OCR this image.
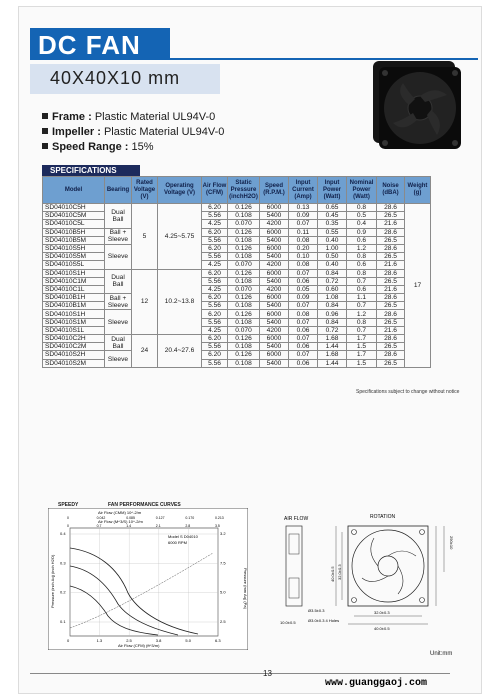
DC FAN
40X40X10 mm
Frame : Plastic Material UL94V-0
Impeller : Plastic Material UL94V-0
Speed Range : 15%
SPECIFICATIONS
Model	Bearing	Rated Voltage (V)	Operating Voltage (V)	Air Flow (CFM)	Static Pressure (inchH2O)	Speed (R.P.M.)	Input Current (Amp)	Input Power (Watt)	Nominal Power (Watt)	Noise (dBA)	Weight (g)
SD04010C5H	Dual Ball	5	4.25~5.75	6.20	0.126	6000	0.13	0.65	0.8	28.6	17
SD04010C5M				5.56	0.108	5400	0.09	0.45	0.5	26.5	
SD04010C5L				4.25	0.070	4200	0.07	0.35	0.4	21.6	
SD04010B5H	Ball + Sleeve			6.20	0.126	6000	0.11	0.55	0.9	28.6	
SD04010B5M				5.56	0.108	5400	0.08	0.40	0.6	26.5	
SD04010S5H	Sleeve			6.20	0.126	6000	0.20	1.00	1.2	28.6	
SD04010S5M				5.56	0.108	5400	0.10	0.50	0.8	26.5	
SD04010S5L				4.25	0.070	4200	0.08	0.40	0.6	21.6	
SD04010S1H	Dual Ball	12	10.2~13.8	6.20	0.126	6000	0.07	0.84	0.8	28.6	
SD04010C1M				5.56	0.108	5400	0.06	0.72	0.7	26.5	
SD04010C1L				4.25	0.070	4200	0.05	0.60	0.6	21.6	
SD04010B1H	Ball + Sleeve			6.20	0.126	6000	0.09	1.08	1.1	28.6	
SD04010B1M				5.56	0.108	5400	0.07	0.84	0.7	26.5	
SD04010S1H	Sleeve			6.20	0.126	6000	0.08	0.96	1.2	28.6	
SD04010S1M				5.56	0.108	5400	0.07	0.84	0.8	26.5	
SD04010S1L				4.25	0.070	4200	0.06	0.72	0.7	21.6	
SD04010C2H	Dual Ball	24	20.4~27.6	6.20	0.126	6000	0.07	1.68	1.7	28.6	
SD04010C2M				5.56	0.108	5400	0.06	1.44	1.5	26.5	
SD04010S2H	Sleeve			6.20	0.126	6000	0.07	1.68	1.7	28.6	
SD04010S2M				5.56	0.108	5400	0.06	1.44	1.5	26.5	
Specifications subject to change without notice
SPEEDY	FAN PERFORMANCE CURVES
Air Flow (CMM) 10^-2/m
Air Flow (M^3/S) 10^-2/m
0	0.042	0.085	0.127	0.170	0.213
0	0.7	1.4	2.1	2.8	3.5
0	1.3	2.5	3.8	5.0	6.3
0.4
0.3
0.2
0.1
3.2
7.5
5.0
2.5
Model S D04010
6000 RPM
Air Flow (CFM) (ft^3/m)
Pressure (inch Aq) (inch H2O)	Pressure (mm Aq) (Pa)
AIR FLOW
10.0±0.5
ROTATION
40.0±0.5 32.0±0.3
290±10
32.0±0.3
40.0±0.5
Ø3.5±0.3
Ø3.0±0.3 4 Holes
Unit:mm
13
www.guanggaoj.com
